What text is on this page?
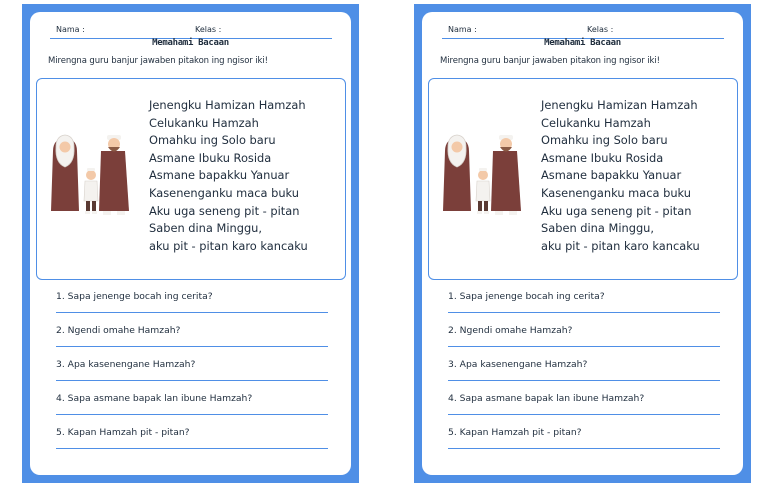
Nama :	Kelas :
Memahami Bacaan
Mirengna guru banjur jawaben pitakon ing ngisor iki!
Jenengku Hamizan Hamzah
Celukanku Hamzah
Omahku ing Solo baru
Asmane Ibuku Rosida
Asmane bapakku Yanuar
Kasenenganku maca buku
Aku uga seneng pit - pitan
Saben dina Minggu,
aku pit - pitan karo kancaku
1. Sapa jenenge bocah ing cerita?
2. Ngendi omahe Hamzah?
3. Apa kasenengane Hamzah?
4. Sapa asmane bapak lan ibune Hamzah?
5. Kapan Hamzah pit - pitan?
Nama :	Kelas :
Memahami Bacaan
Mirengna guru banjur jawaben pitakon ing ngisor iki!
Jenengku Hamizan Hamzah
Celukanku Hamzah
Omahku ing Solo baru
Asmane Ibuku Rosida
Asmane bapakku Yanuar
Kasenenganku maca buku
Aku uga seneng pit - pitan
Saben dina Minggu,
aku pit - pitan karo kancaku
1. Sapa jenenge bocah ing cerita?
2. Ngendi omahe Hamzah?
3. Apa kasenengane Hamzah?
4. Sapa asmane bapak lan ibune Hamzah?
5. Kapan Hamzah pit - pitan?
